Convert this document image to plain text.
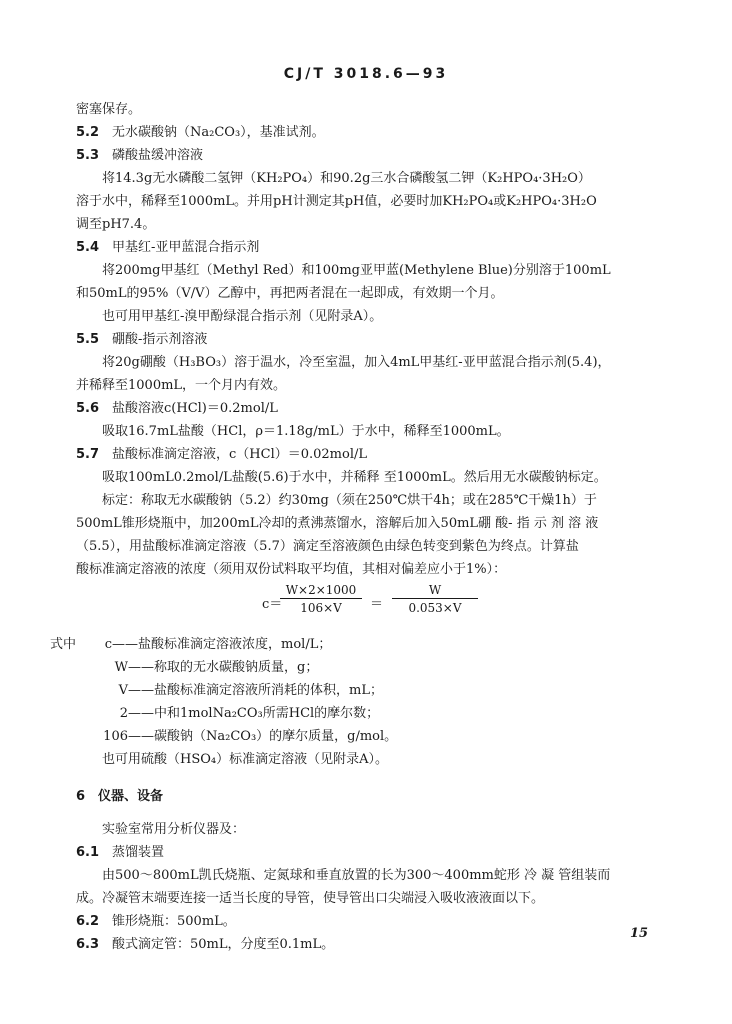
CJ/T 3018.6—93
密塞保存。
5.2 无水碳酸钠（Na₂CO₃），基准试剂。
5.3 磷酸盐缓冲溶液
将14.3g无水磷酸二氢钾（KH₂PO₄）和90.2g三水合磷酸氢二钾（K₂HPO₄·3H₂O）
溶于水中，稀释至1000mL。并用pH计测定其pH值，必要时加KH₂PO₄或K₂HPO₄·3H₂O
调至pH7.4。
5.4 甲基红-亚甲蓝混合指示剂
将200mg甲基红（Methyl Red）和100mg亚甲蓝(Methylene Blue)分别溶于100mL
和50mL的95%（V/V）乙醇中，再把两者混在一起即成，有效期一个月。
也可用甲基红-溴甲酚绿混合指示剂（见附录A）。
5.5 硼酸-指示剂溶液
将20g硼酸（H₃BO₃）溶于温水，冷至室温，加入4mL甲基红-亚甲蓝混合指示剂(5.4)，
并稀释至1000mL，一个月内有效。
5.6 盐酸溶液c(HCl)＝0.2mol/L
吸取16.7mL盐酸（HCl，ρ＝1.18g/mL）于水中，稀释至1000mL。
5.7 盐酸标准滴定溶液，c（HCl）＝0.02mol/L
吸取100mL0.2mol/L盐酸(5.6)于水中，并稀释 至1000mL。然后用无水碳酸钠标定。
标定：称取无水碳酸钠（5.2）约30mg（须在250℃烘干4h；或在285℃干燥1h）于
500mL锥形烧瓶中，加200mL冷却的煮沸蒸馏水，溶解后加入50mL硼 酸- 指 示 剂 溶 液
（5.5），用盐酸标准滴定溶液（5.7）滴定至溶液颜色由绿色转变到紫色为终点。计算盐
酸标准滴定溶液的浓度（须用双份试料取平均值，其相对偏差应小于1%）：
c＝
$\frac{W\times 2\times 1000}{106\times V} = \frac{W}{0.053\times V}$
式中 c——盐酸标准滴定溶液浓度，mol/L；
W——称取的无水碳酸钠质量，g；
V——盐酸标准滴定溶液所消耗的体积，mL；
2——中和1molNa₂CO₃所需HCl的摩尔数；
106——碳酸钠（Na₂CO₃）的摩尔质量，g/mol。
也可用硫酸（HSO₄）标准滴定溶液（见附录A）。
6 仪器、设备
实验室常用分析仪器及：
6.1 蒸馏装置
由500～800mL凯氏烧瓶、定氮球和垂直放置的长为300～400mm蛇形 冷 凝 管组装而
成。冷凝管末端要连接一适当长度的导管，使导管出口尖端浸入吸收液液面以下。
6.2 锥形烧瓶：500mL。
6.3 酸式滴定管：50mL，分度至0.1mL。
15
